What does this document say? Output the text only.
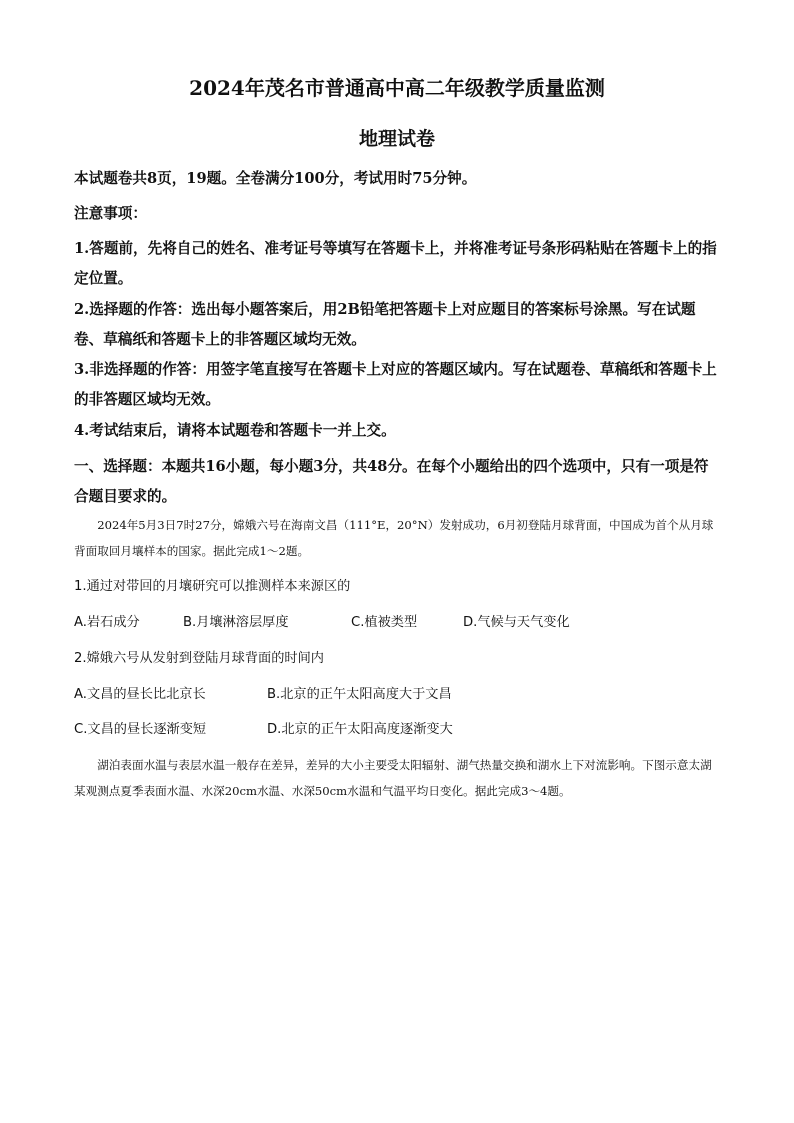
2024年茂名市普通高中高二年级教学质量监测
地理试卷
本试题卷共8页，19题。全卷满分100分，考试用时75分钟。
注意事项：
1.答题前，先将自己的姓名、准考证号等填写在答题卡上，并将准考证号条形码粘贴在答题卡上的指定位置。
2.选择题的作答：选出每小题答案后，用2B铅笔把答题卡上对应题目的答案标号涂黑。写在试题卷、草稿纸和答题卡上的非答题区域均无效。
3.非选择题的作答：用签字笔直接写在答题卡上对应的答题区域内。写在试题卷、草稿纸和答题卡上的非答题区域均无效。
4.考试结束后，请将本试题卷和答题卡一并上交。
一、选择题：本题共16小题，每小题3分，共48分。在每个小题给出的四个选项中，只有一项是符合题目要求的。
2024年5月3日7时27分，嫦娥六号在海南文昌（111°E，20°N）发射成功，6月初登陆月球背面，中国成为首个从月球背面取回月壤样本的国家。据此完成1～2题。
1.通过对带回的月壤研究可以推测样本来源区的
A.岩石成分	B.月壤淋溶层厚度	C.植被类型	D.气候与天气变化
2.嫦娥六号从发射到登陆月球背面的时间内
A.文昌的昼长比北京长	B.北京的正午太阳高度大于文昌
C.文昌的昼长逐渐变短	D.北京的正午太阳高度逐渐变大
湖泊表面水温与表层水温一般存在差异，差异的大小主要受太阳辐射、湖气热量交换和湖水上下对流影响。下图示意太湖某观测点夏季表面水温、水深20cm水温、水深50cm水温和气温平均日变化。据此完成3～4题。
